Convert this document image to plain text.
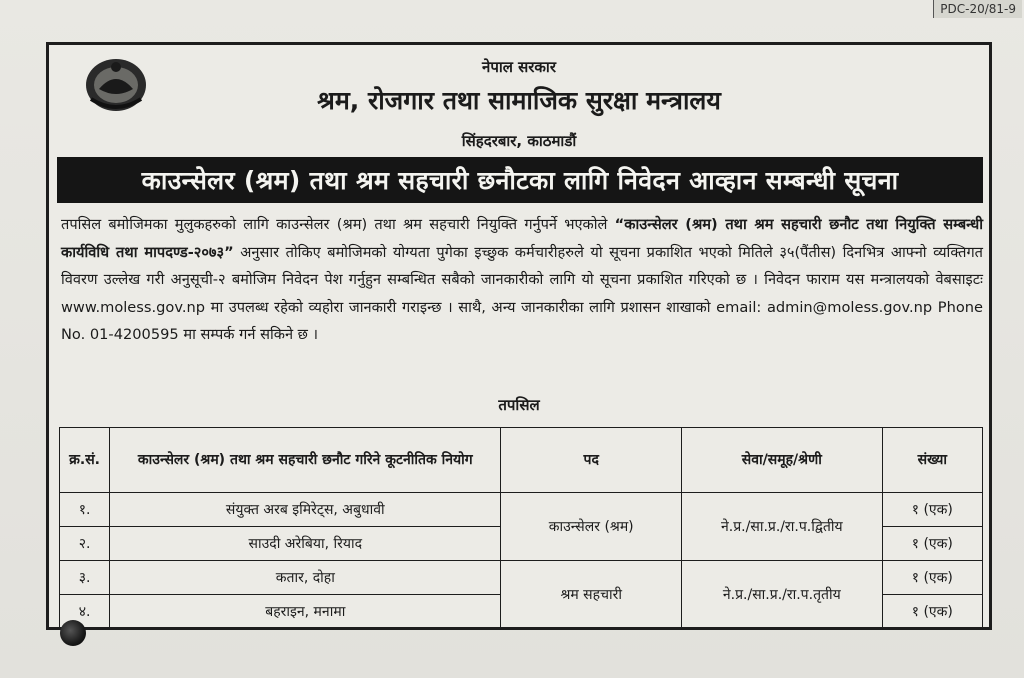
PDC-20/81-9
नेपाल सरकार
श्रम, रोजगार तथा सामाजिक सुरक्षा मन्त्रालय
सिंहदरबार, काठमाडौं
काउन्सेलर (श्रम) तथा श्रम सहचारी छनौटका लागि निवेदन आव्हान सम्बन्धी सूचना

तपसिल बमोजिमका मुलुकहरुको लागि काउन्सेलर (श्रम) तथा श्रम सहचारी नियुक्ति गर्नुपर्ने भएकोले “काउन्सेलर (श्रम) तथा श्रम सहचारी छनौट तथा नियुक्ति सम्बन्धी कार्यविधि तथा मापदण्ड-२०७३” अनुसार तोकिए बमोजिमको योग्यता पुगेका इच्छुक कर्मचारीहरुले यो सूचना प्रकाशित भएको मितिले ३५(पैंतीस) दिनभित्र आफ्नो व्यक्तिगत विवरण उल्लेख गरी अनुसूची-२ बमोजिम निवेदन पेश गर्नुहुन सम्बन्धित सबैको जानकारीको लागि यो सूचना प्रकाशित गरिएको छ । निवेदन फाराम यस मन्त्रालयको वेबसाइटः www.moless.gov.np मा उपलब्ध रहेको व्यहोरा जानकारी गराइन्छ । साथै, अन्य जानकारीका लागि प्रशासन शाखाको email: admin@moless.gov.np Phone No. 01-4200595 मा सम्पर्क गर्न सकिने छ ।

तपसिल
क्र.सं.	काउन्सेलर (श्रम) तथा श्रम सहचारी छनौट गरिने कूटनीतिक नियोग	पद	सेवा/समूह/श्रेणी	संख्या
१.	संयुक्त अरब इमिरेट्स, अबुधावी	काउन्सेलर (श्रम)	ने.प्र./सा.प्र./रा.प.द्वितीय	१ (एक)
२.	साउदी अरेबिया, रियाद			१ (एक)
३.	कतार, दोहा	श्रम सहचारी	ने.प्र./सा.प्र./रा.प.तृतीय	१ (एक)
४.	बहराइन, मनामा			१ (एक)
